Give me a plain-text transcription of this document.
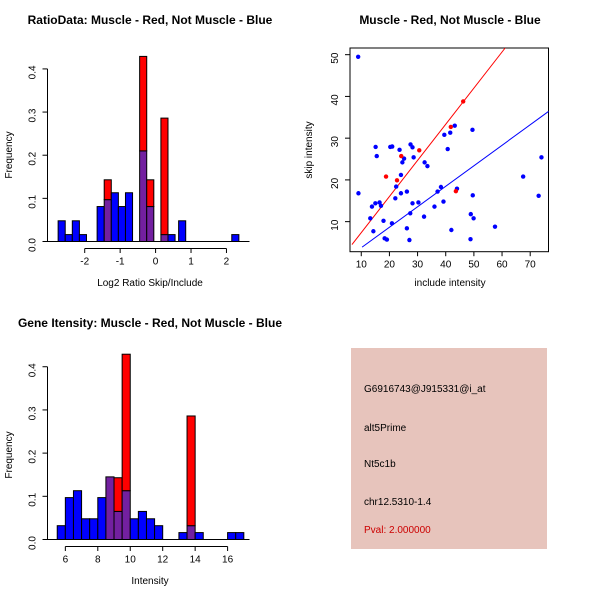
RatioData: Muscle - Red, Not Muscle - Blue
0.0
0.1
0.2
0.3
0.4
-2	-1	0	1	2
Log2 Ratio Skip/Include
Frequency
Muscle - Red, Not Muscle - Blue
10 20 30 40 50 60 70
10
20
30
40
50
include intensity
skip intensity
Gene Itensity: Muscle - Red, Not Muscle - Blue
0.0
0.1
0.2
0.3
0.4
6	8 10 12 14 16
Intensity
Frequency
G6916743@J915331@i_at
alt5Prime
Nt5c1b
chr12.5310-1.4
Pval: 2.000000
